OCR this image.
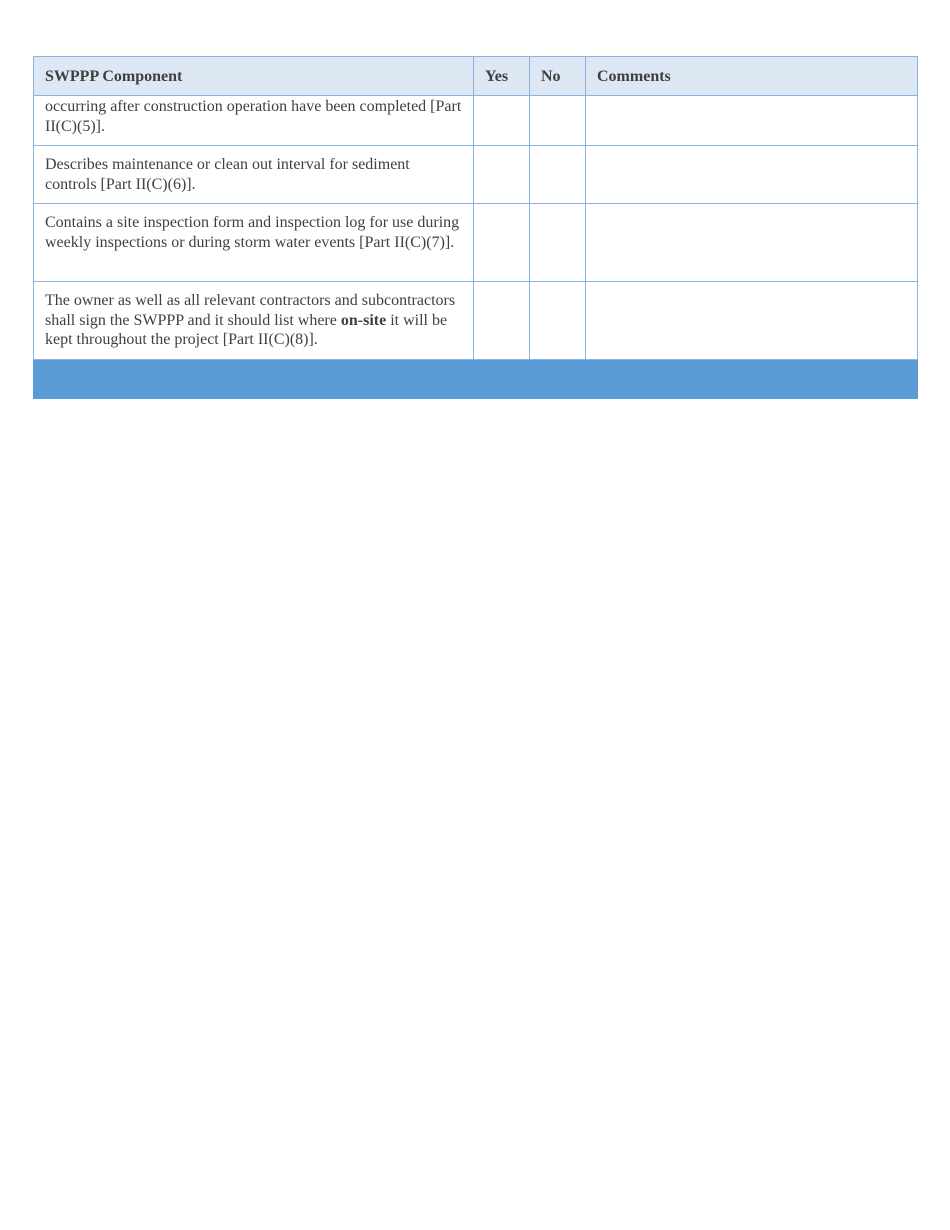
SWPPP Component	Yes	No	Comments
occurring after construction operation have been completed [Part II(C)(5)].			
Describes maintenance or clean out interval for sediment controls [Part II(C)(6)].			
Contains a site inspection form and inspection log for use during weekly inspections or during storm water events [Part II(C)(7)].			
The owner as well as all relevant contractors and subcontractors shall sign the SWPPP and it should list where on-site it will be kept throughout the project [Part II(C)(8)].			
